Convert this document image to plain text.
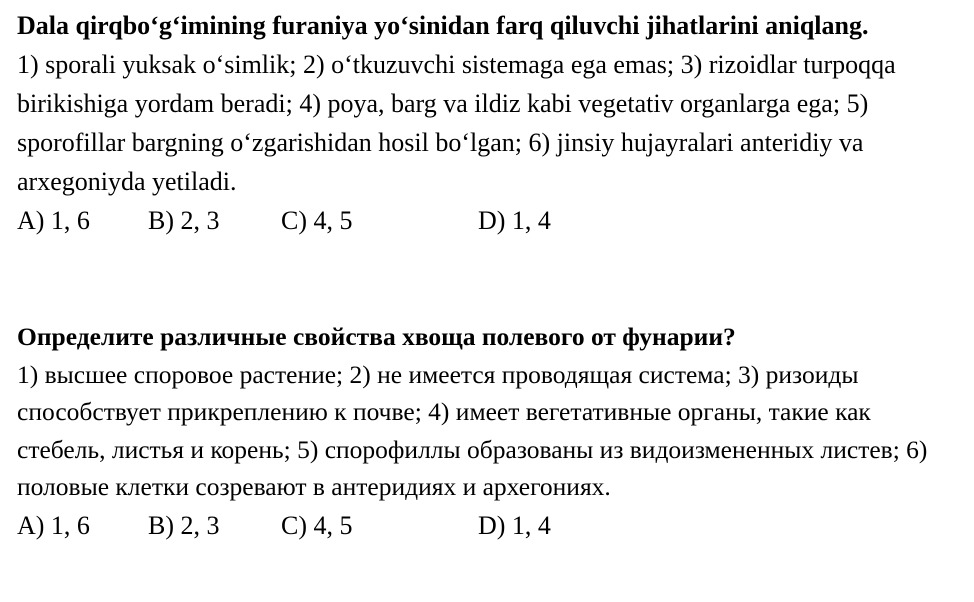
Dala qirqbo‘g‘imining furaniya yo‘sinidan farq qiluvchi jihatlarini aniqlang.

1) sporali yuksak o‘simlik; 2) o‘tkuzuvchi sistemaga ega emas; 3) rizoidlar turpoqqa birikishiga yordam beradi; 4) poya, barg va ildiz kabi vegetativ organlarga ega; 5) sporofillar bargning o‘zgarishidan hosil bo‘lgan; 6) jinsiy hujayralari anteridiy va arxegoniyda yetiladi.

A) 1, 6 B) 2, 3 C) 4, 5	D) 1, 4

Определите различные свойства хвоща полевого от фунарии?

1) высшее споровое растение; 2) не имеется проводящая система; 3) ризоиды способствует прикреплению к почве; 4) имеет вегетативные органы, такие как стебель, листья и корень; 5) спорофиллы образованы из видоизмененных листев; 6) половые клетки созревают в антеридиях и архегониях.

A) 1, 6 B) 2, 3 C) 4, 5	D) 1, 4
